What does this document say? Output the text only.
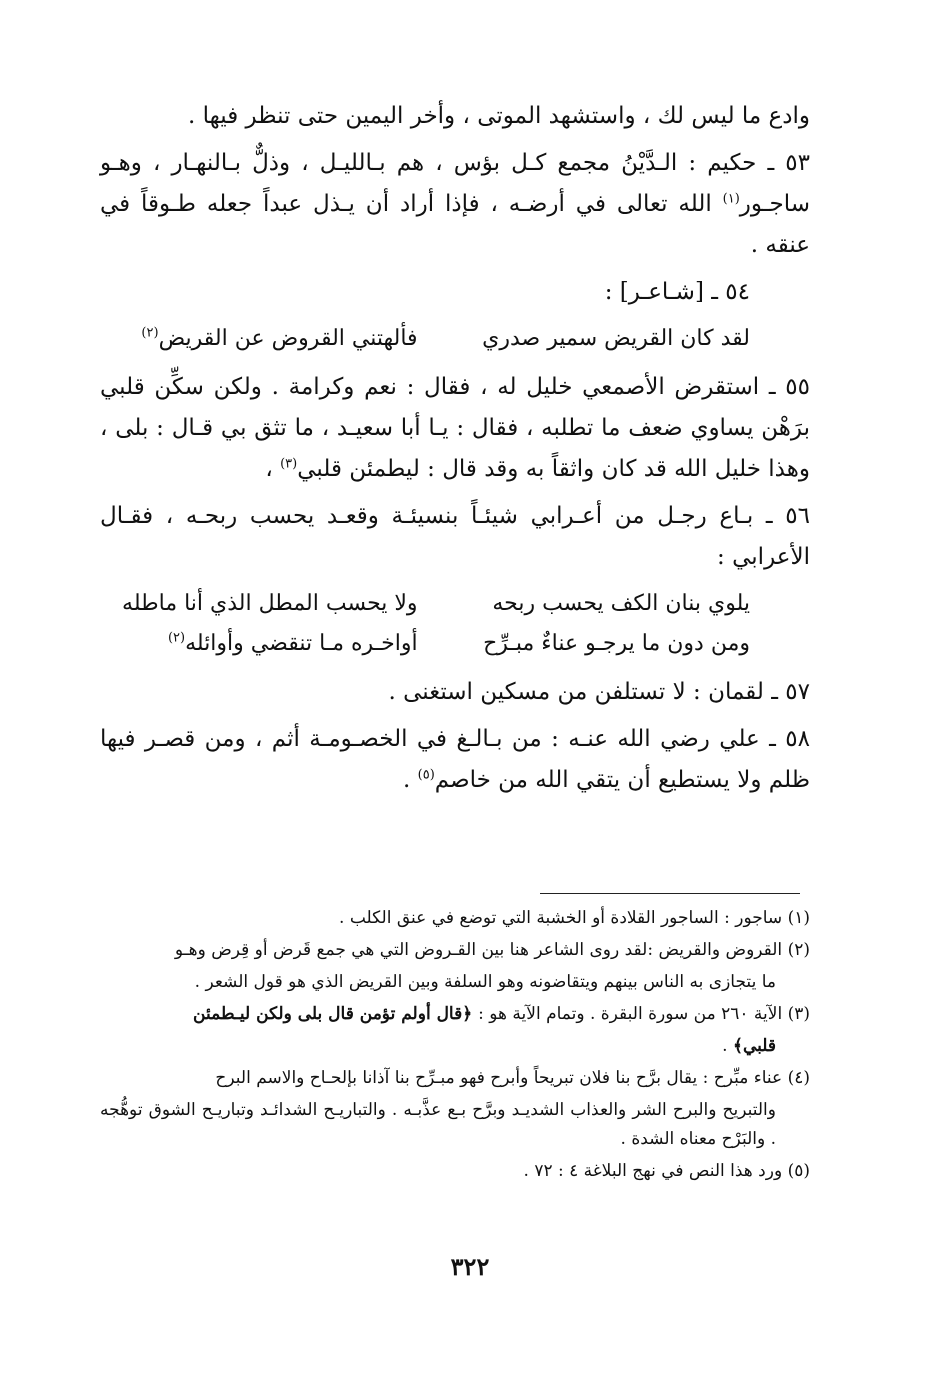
وادع ما ليس لك ، واستشهد الموتى ، وأخر اليمين حتى تنظر فيها .

٥٣ ـ حكيم : الـدَّيْنُ مجمع كـل بؤس ، هم بـالليـل ، وذلٌّ بـالنهـار ، وهـو ساجـور$^{(١)}$ الله تعالى في أرضـه ، فإذا أراد أن يـذل عبداً جعله طـوقاً في عنقه .

٥٤ ـ [شـاعـر] :

لقد كان القريض سمير صدري
فألهتني القروض عن القريض$^{(٢)}$

٥٥ ـ استقرض الأصمعي خليل له ، فقال : نعم وكرامة . ولكن سكِّن قلبي برَهْن يساوي ضعف ما تطلبه ، فقال : يـا أبا سعيـد ، ما تثق بي قـال : بلى ، وهذا خليل الله قد كان واثقاً به وقد قال : ليطمئن قلبي$^{(٣)}$ ،

٥٦ ـ بـاع رجـل من أعـرابي شيئـاً بنسيئـة وقعـد يحسب ربحـه ، فقـال الأعرابي :

يلوي بنان الكف يحسب ربحه
ولا يحسب المطل الذي أنا ماطله
ومن دون ما يرجـو عناءٌ مبـرِّح
أواخـره مـا تنقضي وأوائله$^{(٢)}$

٥٧ ـ لقمان : لا تستلفن من مسكين استغنى .

٥٨ ـ علي رضي الله عنـه : من بـالـغ في الخصـومـة أثم ، ومن قصـر فيها ظلم ولا يستطيع أن يتقي الله من خاصم$^{(٥)}$ .

(١) ساجور : الساجور القلادة أو الخشبة التي توضع في عنق الكلب .

(٢) القروض والقريض :لقد روى الشاعر هنا بين القـروض التي هي جمع قَرض أو قِرض وهـو

ما يتجازى به الناس بينهم ويتقاضونه وهو السلفة وبين القريض الذي هو قول الشعر .

(٣) الآية ٢٦٠ من سورة البقرة . وتمام الآية هو : ﴿قال أولم تؤمن قال بلى ولكن ليـطمئن

قلبي﴾ .

(٤) عناء مبِّرح : يقال برَّح بنا فلان تبريحاً وأبرح فهو مبـرِّح بنا آذانا بإلحـاح والاسم البرح

والتبريح والبرح الشر والعذاب الشديـد وبرَّح بـع عذَّبـه . والتباريـح الشدائـد وتباريـح الشوق توهُّجه . والبَرْح معناه الشدة .

(٥) ورد هذا النص في نهج البلاغة ٤ : ٧٢ .

٣٢٢
